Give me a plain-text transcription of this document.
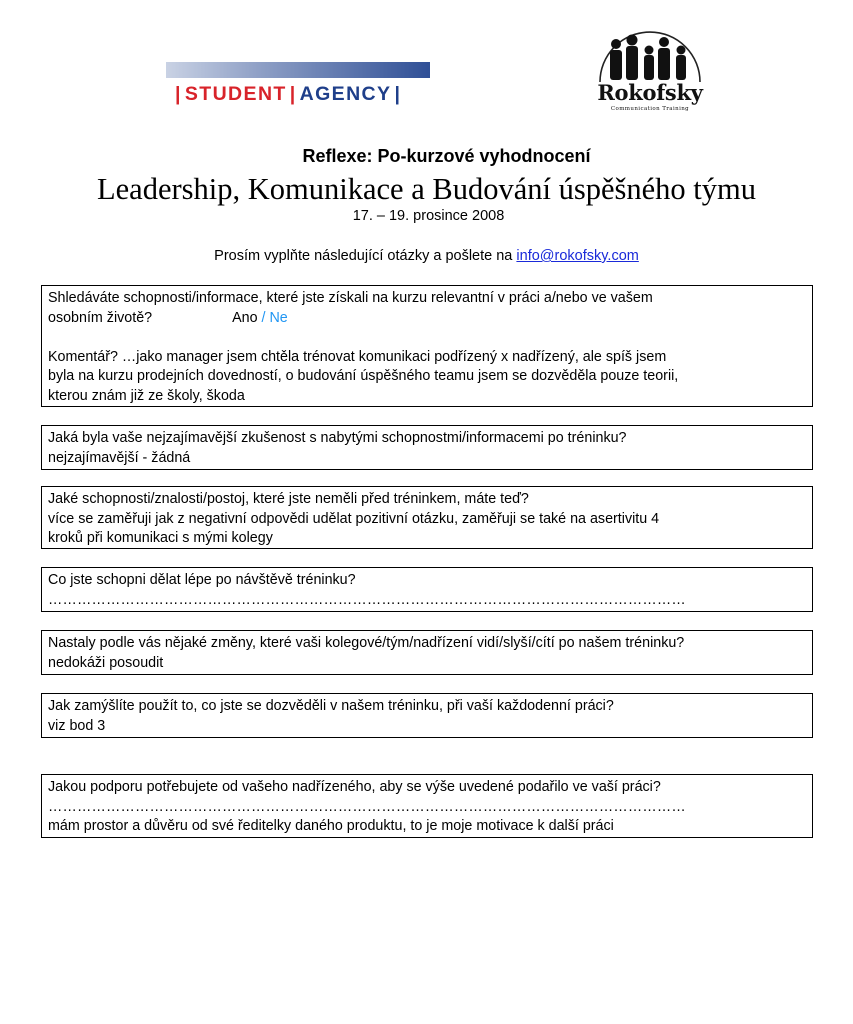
| STUDENT | AGENCY |	Rokofsky
Communication Training
Reflexe: Po-kurzové vyhodnocení
Leadership, Komunikace a Budování úspěšného týmu
17. – 19. prosince 2008
Prosím vyplňte následující otázky a pošlete na info@rokofsky.com
Shledáváte schopnosti/informace, které jste získali na kurzu relevantní v práci a/nebo ve vašem
osobním životě?	Ano / Ne
Komentář? …jako manager jsem chtěla trénovat komunikaci podřízený x nadřízený, ale spíš jsem
byla na kurzu prodejních dovedností, o budování úspěšného teamu jsem se dozvěděla pouze teorii,
kterou znám již ze školy, škoda
Jaká byla vaše nejzajímavější zkušenost s nabytými schopnostmi/informacemi po tréninku?
nejzajímavější - žádná
Jaké schopnosti/znalosti/postoj, které jste neměli před tréninkem, máte teď?
více se zaměřuji jak z negativní odpovědi udělat pozitivní otázku, zaměřuji se také na asertivitu 4
kroků při komunikaci s mými kolegy
Co jste schopni dělat lépe po návštěvě tréninku?
……………………………………………………………………………………………………………………
Nastaly podle vás nějaké změny, které vaši kolegové/tým/nadřízení vidí/slyší/cítí po našem tréninku?
nedokáži posoudit
Jak zamýšlíte použít to, co jste se dozvěděli v našem tréninku, při vaší každodenní práci?
viz bod 3
Jakou podporu potřebujete od vašeho nadřízeného, aby se výše uvedené podařilo ve vaší práci?
……………………………………………………………………………………………………………………
mám prostor a důvěru od své ředitelky daného produktu, to je moje motivace k další práci
